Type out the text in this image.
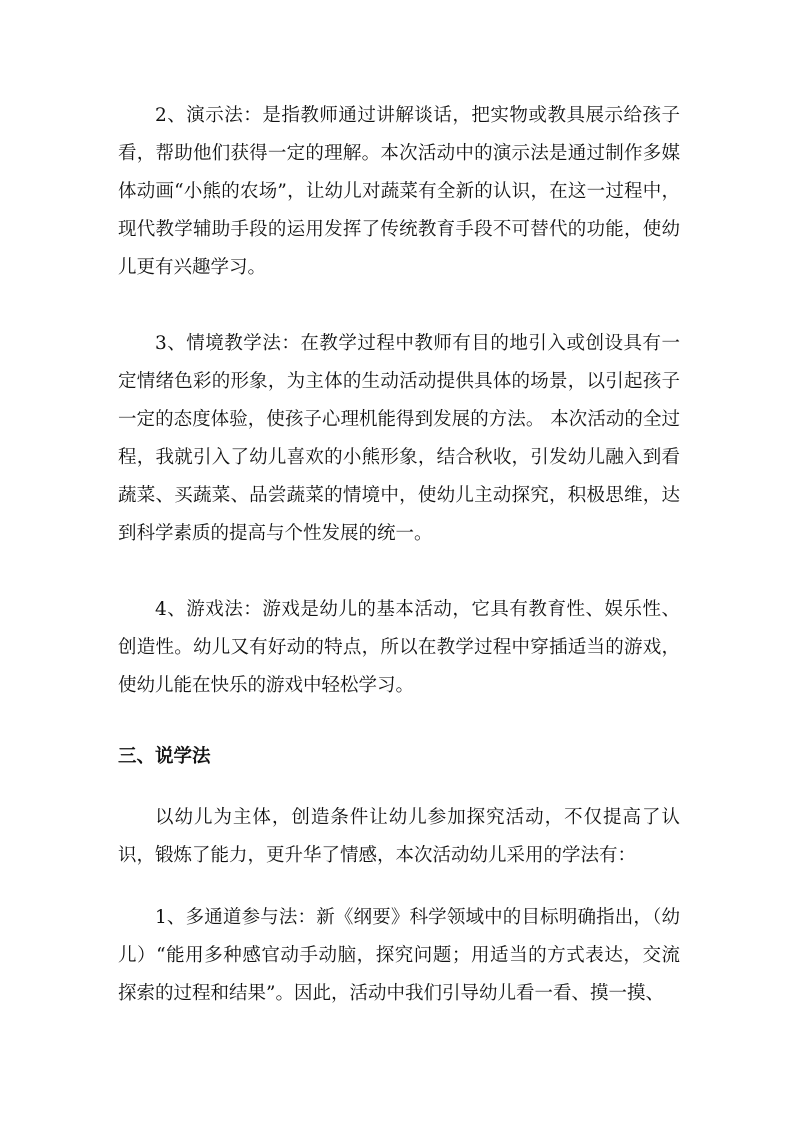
2、演示法：是指教师通过讲解谈话，把实物或教具展示给孩子看，帮助他们获得一定的理解。本次活动中的演示法是通过制作多媒体动画“小熊的农场”，让幼儿对蔬菜有全新的认识，在这一过程中，现代教学辅助手段的运用发挥了传统教育手段不可替代的功能，使幼儿更有兴趣学习。

3、情境教学法：在教学过程中教师有目的地引入或创设具有一定情绪色彩的形象，为主体的生动活动提供具体的场景，以引起孩子一定的态度体验，使孩子心理机能得到发展的方法。 本次活动的全过程，我就引入了幼儿喜欢的小熊形象，结合秋收，引发幼儿融入到看蔬菜、买蔬菜、品尝蔬菜的情境中，使幼儿主动探究，积极思维，达到科学素质的提高与个性发展的统一。

4、游戏法：游戏是幼儿的基本活动，它具有教育性、娱乐性、创造性。幼儿又有好动的特点，所以在教学过程中穿插适当的游戏，使幼儿能在快乐的游戏中轻松学习。

三、说学法

以幼儿为主体，创造条件让幼儿参加探究活动，不仅提高了认识，锻炼了能力，更升华了情感，本次活动幼儿采用的学法有：

1、多通道参与法：新《纲要》科学领域中的目标明确指出，（幼儿）“能用多种感官动手动脑，探究问题；用适当的方式表达，交流探索的过程和结果”。因此，活动中我们引导幼儿看一看、摸一摸、
